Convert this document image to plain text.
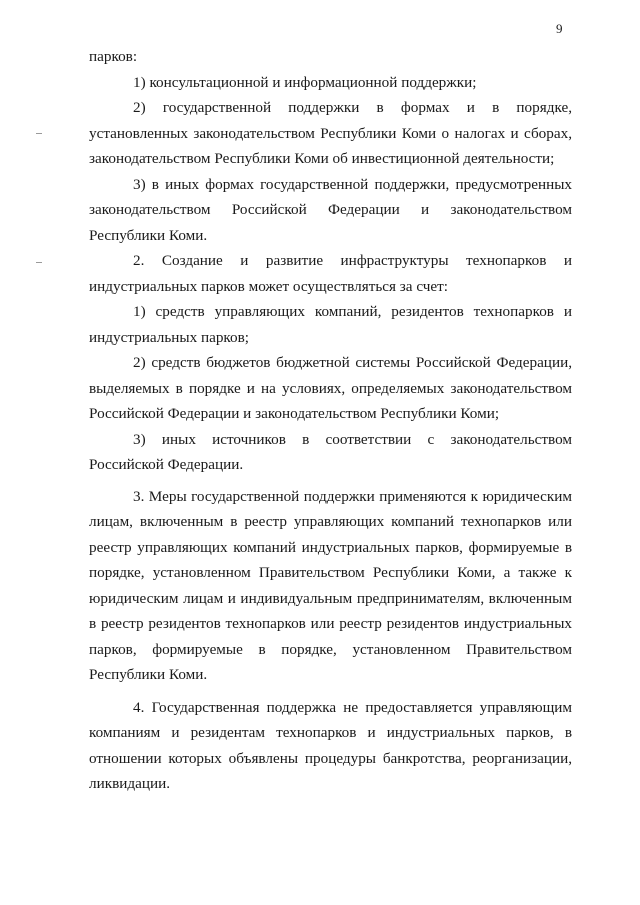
9

парков:

1) консультационной и информационной поддержки;

2) государственной поддержки в формах и в порядке, установленных законодательством Республики Коми о налогах и сборах, законодательством Республики Коми об инвестиционной деятельности;

3) в иных формах государственной поддержки, предусмотренных законодательством Российской Федерации и законодательством Республики Коми.

2. Создание и развитие инфраструктуры технопарков и индустриальных парков может осуществляться за счет:

1) средств управляющих компаний, резидентов технопарков и индустриальных парков;

2) средств бюджетов бюджетной системы Российской Федерации, выделяемых в порядке и на условиях, определяемых законодательством Российской Федерации и законодательством Республики Коми;

3) иных источников в соответствии с законодательством Российской Федерации.

3. Меры государственной поддержки применяются к юридическим лицам, включенным в реестр управляющих компаний технопарков или реестр управляющих компаний индустриальных парков, формируемые в порядке, установленном Правительством Республики Коми, а также к юридическим лицам и индивидуальным предпринимателям, включенным в реестр резидентов технопарков или реестр резидентов индустриальных парков, формируемые в порядке, установленном Правительством Республики Коми.

4. Государственная поддержка не предоставляется управляющим компаниям и резидентам технопарков и индустриальных парков, в отношении которых объявлены процедуры банкротства, реорганизации, ликвидации.
